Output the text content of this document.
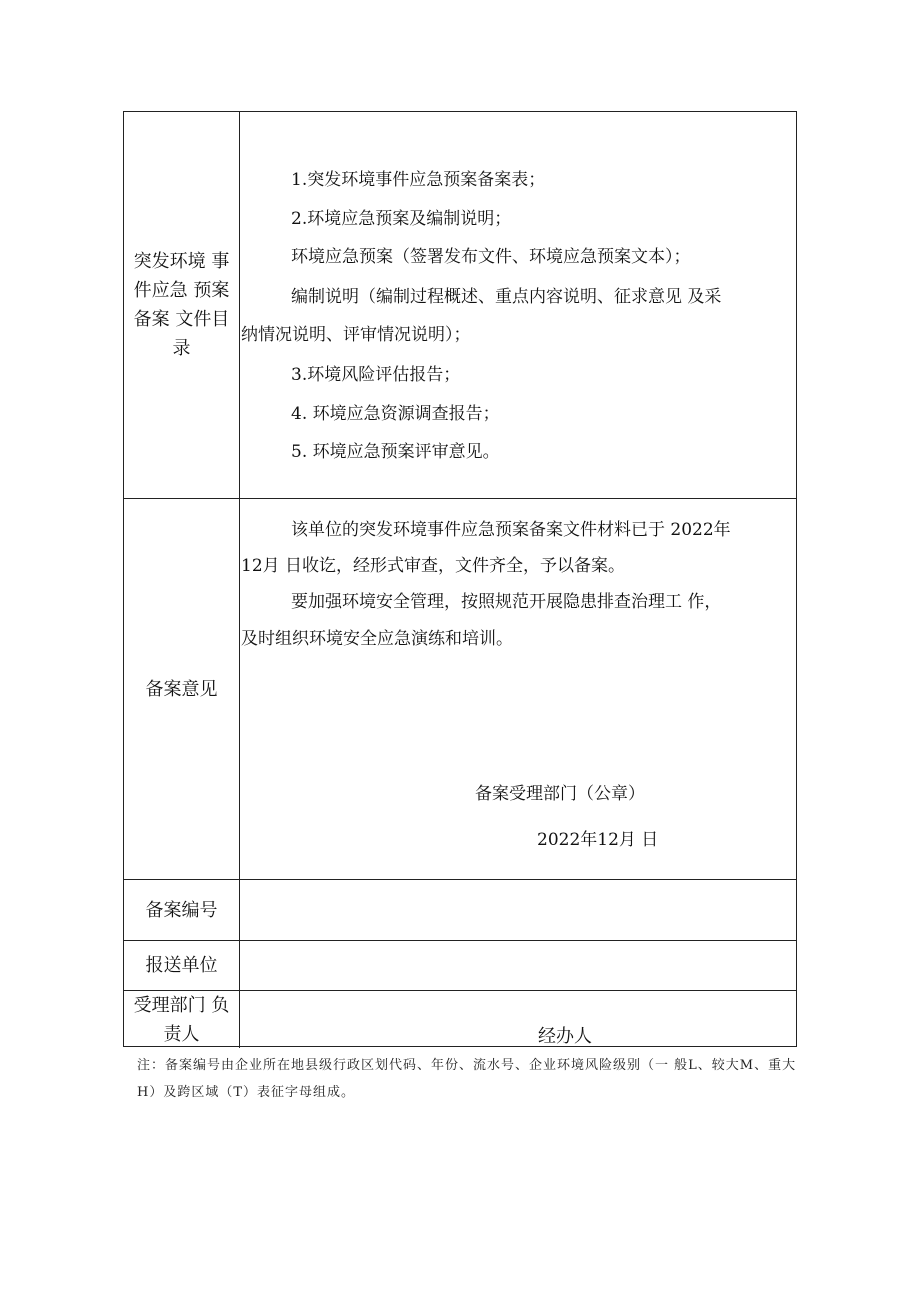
突发环境 事件应急 预案备案 文件目录
1.突发环境事件应急预案备案表；
2.环境应急预案及编制说明；
环境应急预案（签署发布文件、环境应急预案文本）；
编制说明（编制过程概述、重点内容说明、征求意见 及采
纳情况说明、评审情况说明）；
3.环境风险评估报告；
4. 环境应急资源调查报告；
5. 环境应急预案评审意见。
备案意见
该单位的突发环境事件应急预案备案文件材料已于 2022年
12月 日收讫，经形式审查，文件齐全，予以备案。
要加强环境安全管理，按照规范开展隐患排查治理工 作，
及时组织环境安全应急演练和培训。
备案受理部门（公章）
2022年12月 日
备案编号
报送单位
受理部门 负责人	经办人
注：备案编号由企业所在地县级行政区划代码、年份、流水号、企业环境风险级别（一 般L、较大M、重大H）及跨区域（T）表征字母组成。
